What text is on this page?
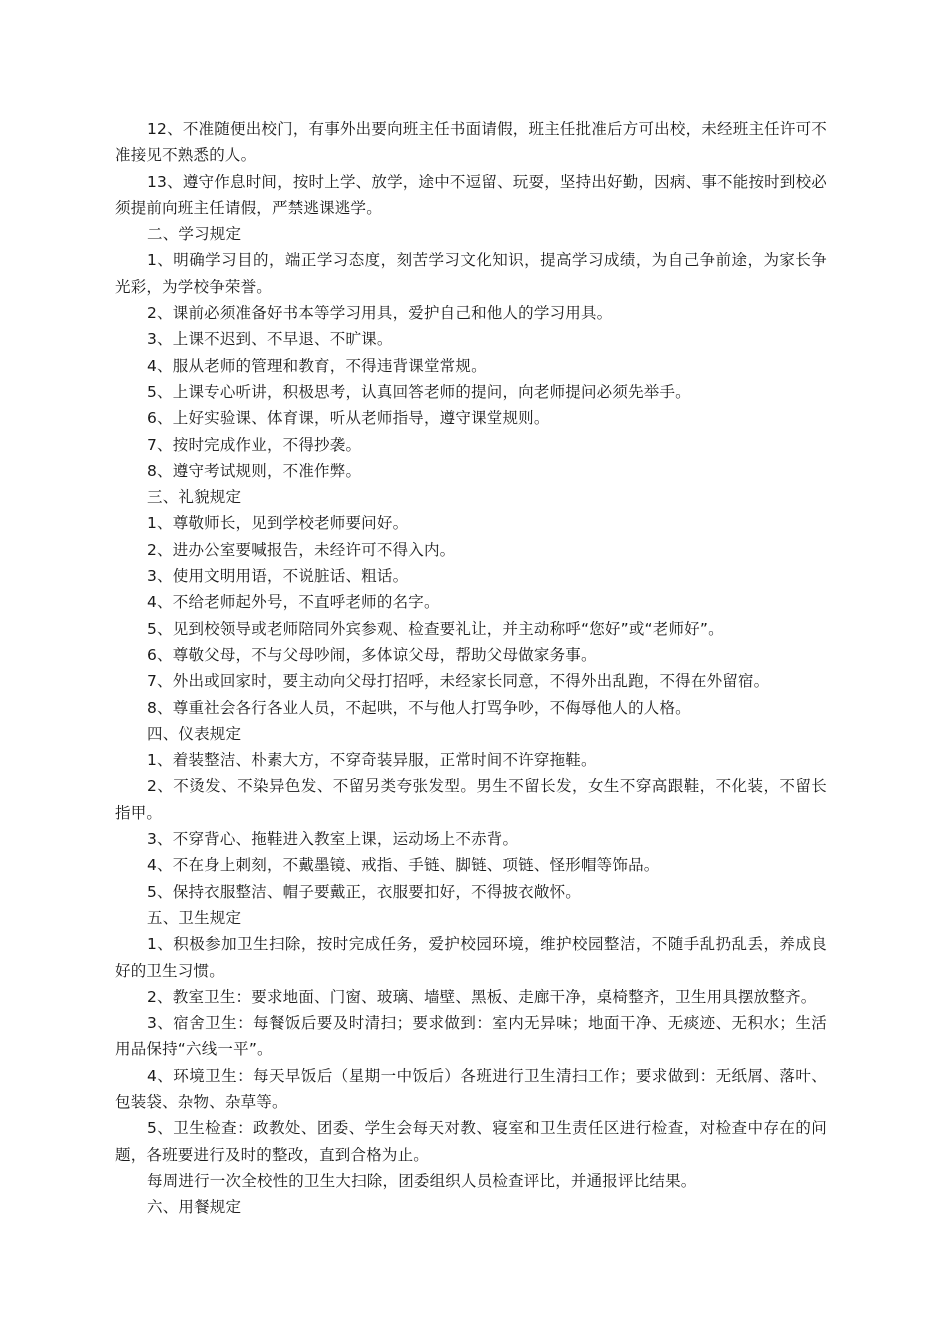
12、不准随便出校门，有事外出要向班主任书面请假，班主任批准后方可出校，未经班主任许可不准接见不熟悉的人。

13、遵守作息时间，按时上学、放学，途中不逗留、玩耍，坚持出好勤，因病、事不能按时到校必须提前向班主任请假，严禁逃课逃学。

二、学习规定

1、明确学习目的，端正学习态度，刻苦学习文化知识，提高学习成绩，为自己争前途，为家长争光彩，为学校争荣誉。

2、课前必须准备好书本等学习用具，爱护自己和他人的学习用具。

3、上课不迟到、不早退、不旷课。

4、服从老师的管理和教育，不得违背课堂常规。

5、上课专心听讲，积极思考，认真回答老师的提问，向老师提问必须先举手。

6、上好实验课、体育课，听从老师指导，遵守课堂规则。

7、按时完成作业，不得抄袭。

8、遵守考试规则，不准作弊。

三、礼貌规定

1、尊敬师长，见到学校老师要问好。

2、进办公室要喊报告，未经许可不得入内。

3、使用文明用语，不说脏话、粗话。

4、不给老师起外号，不直呼老师的名字。

5、见到校领导或老师陪同外宾参观、检查要礼让，并主动称呼“您好”或“老师好”。

6、尊敬父母，不与父母吵闹，多体谅父母，帮助父母做家务事。

7、外出或回家时，要主动向父母打招呼，未经家长同意，不得外出乱跑，不得在外留宿。

8、尊重社会各行各业人员，不起哄，不与他人打骂争吵，不侮辱他人的人格。

四、仪表规定

1、着装整洁、朴素大方，不穿奇装异服，正常时间不许穿拖鞋。

2、不烫发、不染异色发、不留另类夸张发型。男生不留长发，女生不穿高跟鞋，不化装，不留长指甲。

3、不穿背心、拖鞋进入教室上课，运动场上不赤背。

4、不在身上刺刻，不戴墨镜、戒指、手链、脚链、项链、怪形帽等饰品。

5、保持衣服整洁、帽子要戴正，衣服要扣好，不得披衣敞怀。

五、卫生规定

1、积极参加卫生扫除，按时完成任务，爱护校园环境，维护校园整洁，不随手乱扔乱丢，养成良好的卫生习惯。

2、教室卫生：要求地面、门窗、玻璃、墙壁、黑板、走廊干净，桌椅整齐，卫生用具摆放整齐。

3、宿舍卫生：每餐饭后要及时清扫；要求做到：室内无异味；地面干净、无痰迹、无积水；生活用品保持“六线一平”。

4、环境卫生：每天早饭后（星期一中饭后）各班进行卫生清扫工作；要求做到：无纸屑、落叶、包装袋、杂物、杂草等。

5、卫生检查：政教处、团委、学生会每天对教、寝室和卫生责任区进行检查，对检查中存在的问题，各班要进行及时的整改，直到合格为止。

每周进行一次全校性的卫生大扫除，团委组织人员检查评比，并通报评比结果。

六、用餐规定
